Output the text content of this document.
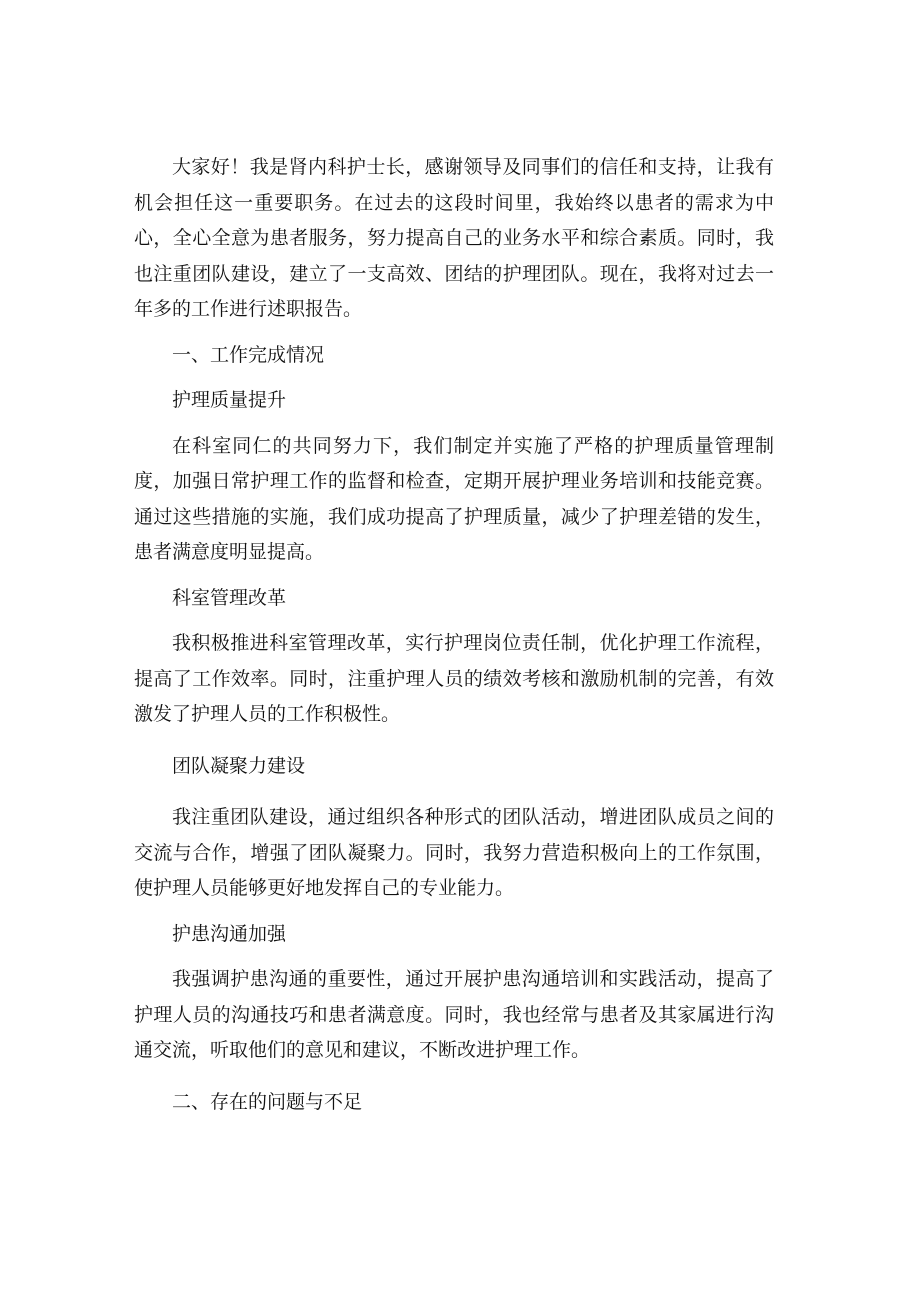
大家好！我是肾内科护士长，感谢领导及同事们的信任和支持，让我有机会担任这一重要职务。在过去的这段时间里，我始终以患者的需求为中心，全心全意为患者服务，努力提高自己的业务水平和综合素质。同时，我也注重团队建设，建立了一支高效、团结的护理团队。现在，我将对过去一年多的工作进行述职报告。

一、工作完成情况

护理质量提升

在科室同仁的共同努力下，我们制定并实施了严格的护理质量管理制度，加强日常护理工作的监督和检查，定期开展护理业务培训和技能竞赛。通过这些措施的实施，我们成功提高了护理质量，减少了护理差错的发生，患者满意度明显提高。

科室管理改革

我积极推进科室管理改革，实行护理岗位责任制，优化护理工作流程，提高了工作效率。同时，注重护理人员的绩效考核和激励机制的完善，有效激发了护理人员的工作积极性。

团队凝聚力建设

我注重团队建设，通过组织各种形式的团队活动，增进团队成员之间的交流与合作，增强了团队凝聚力。同时，我努力营造积极向上的工作氛围，使护理人员能够更好地发挥自己的专业能力。

护患沟通加强

我强调护患沟通的重要性，通过开展护患沟通培训和实践活动，提高了护理人员的沟通技巧和患者满意度。同时，我也经常与患者及其家属进行沟通交流，听取他们的意见和建议，不断改进护理工作。

二、存在的问题与不足
